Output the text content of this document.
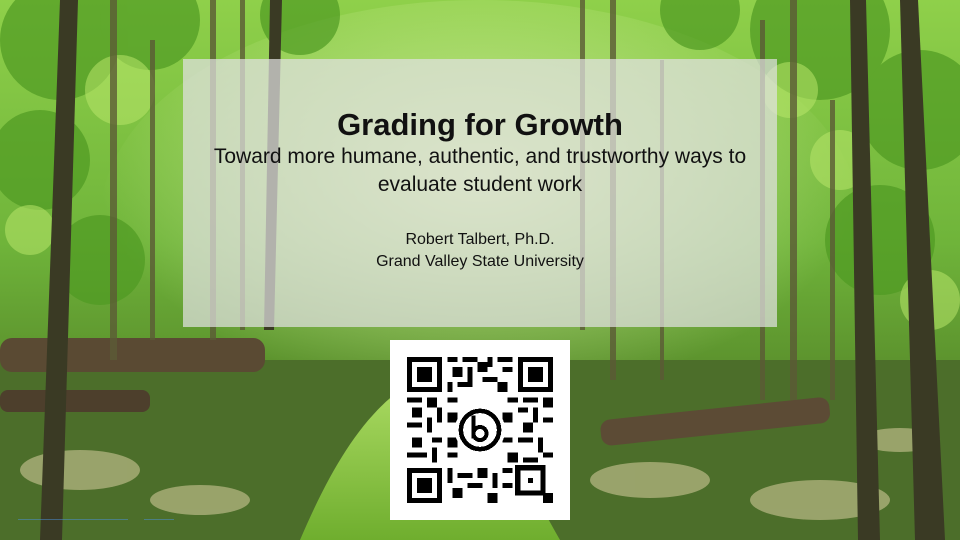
Grading for Growth
Toward more humane, authentic, and trustworthy ways to evaluate student work
Robert Talbert, Ph.D.
Grand Valley State University
